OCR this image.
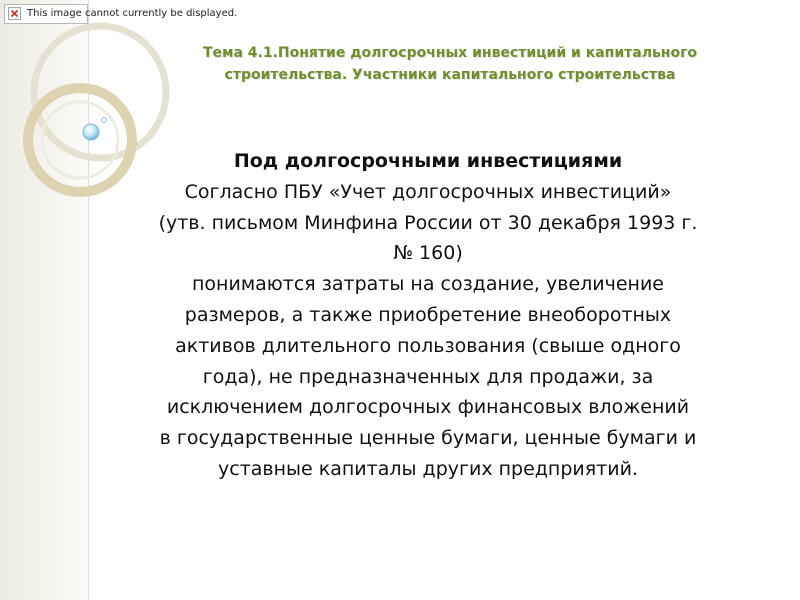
This image cannot currently be displayed.
Тема 4.1.Понятие долгосрочных инвестиций и капитального
строительства. Участники капитального строительства
Под долгосрочными инвестициями
Согласно ПБУ «Учет долгосрочных инвестиций»
(утв. письмом Минфина России от 30 декабря 1993 г.
№ 160)
понимаются затраты на создание, увеличение
размеров, а также приобретение внеоборотных
активов длительного пользования (свыше одного
года), не предназначенных для продажи, за
исключением долгосрочных финансовых вложений
в государственные ценные бумаги, ценные бумаги и
уставные капиталы других предприятий.
